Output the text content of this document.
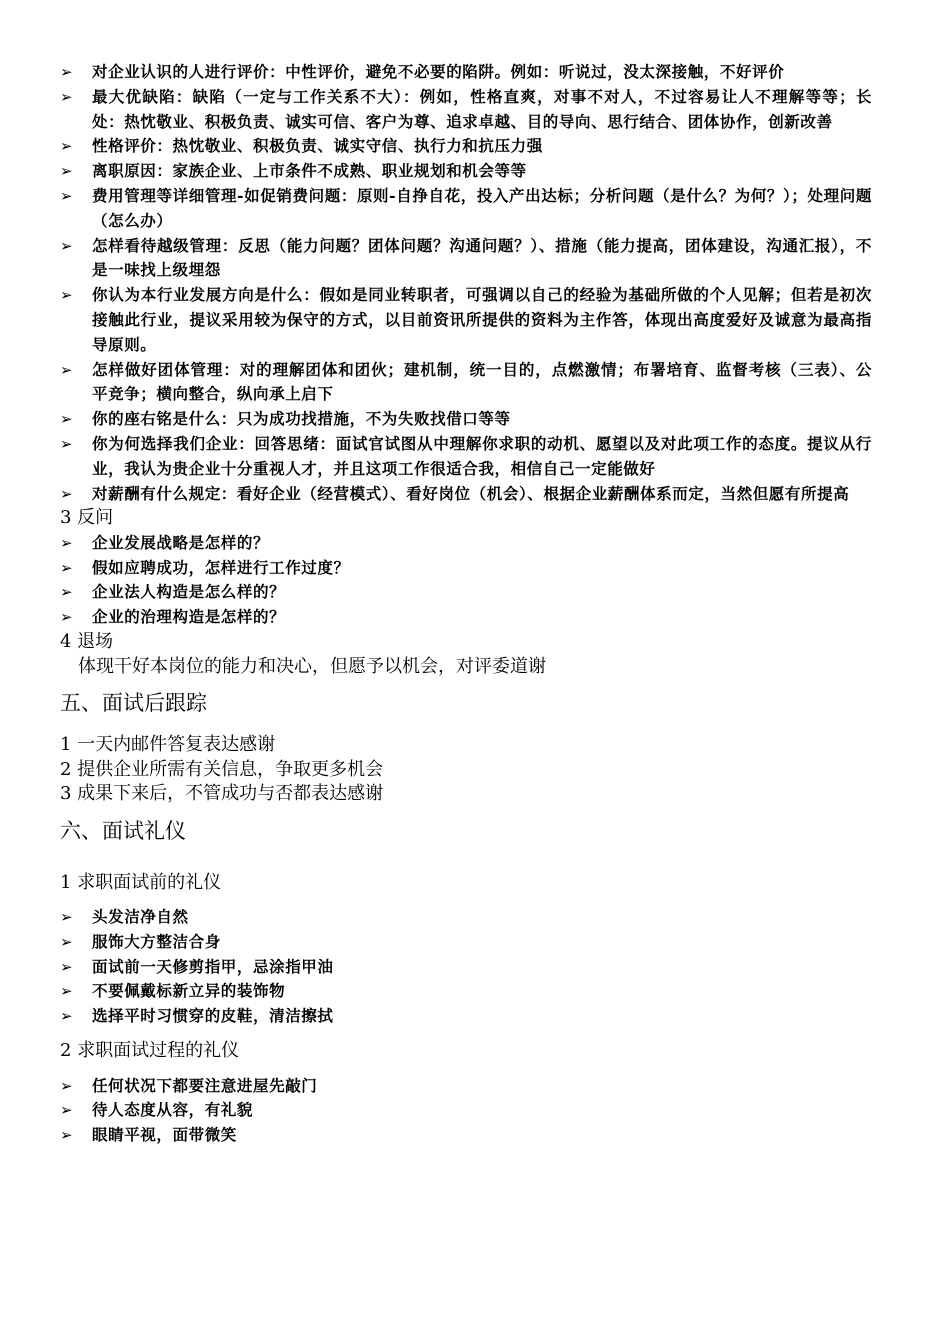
➢ 对企业认识的人进行评价：中性评价，避免不必要的陷阱。例如：听说过，没太深接触，不好评价
➢ 最大优缺陷：缺陷（一定与工作关系不大）：例如，性格直爽，对事不对人，不过容易让人不理解等等；长处：热忱敬业、积极负责、诚实可信、客户为尊、追求卓越、目的导向、思行结合、团体协作，创新改善
➢ 性格评价：热忱敬业、积极负责、诚实守信、执行力和抗压力强
➢ 离职原因：家族企业、上市条件不成熟、职业规划和机会等等
➢ 费用管理等详细管理-如促销费问题：原则-自挣自花，投入产出达标；分析问题（是什么？为何？）；处理问题（怎么办）
➢ 怎样看待越级管理：反思（能力问题？团体问题？沟通问题？）、措施（能力提高，团体建设，沟通汇报），不是一味找上级埋怨
➢ 你认为本行业发展方向是什么：假如是同业转职者，可强调以自己的经验为基础所做的个人见解；但若是初次接触此行业，提议采用较为保守的方式，以目前资讯所提供的资料为主作答，体现出高度爱好及诚意为最高指导原则。
➢ 怎样做好团体管理：对的理解团体和团伙；建机制，统一目的，点燃激情；布署培育、监督考核（三表）、公平竞争；横向整合，纵向承上启下
➢ 你的座右铭是什么：只为成功找措施，不为失败找借口等等
➢ 你为何选择我们企业：回答思绪：面试官试图从中理解你求职的动机、愿望以及对此项工作的态度。提议从行业，我认为贵企业十分重视人才，并且这项工作很适合我，相信自己一定能做好
➢ 对薪酬有什么规定：看好企业（经营模式）、看好岗位（机会）、根据企业薪酬体系而定，当然但愿有所提高
3 反问
➢ 企业发展战略是怎样的？
➢ 假如应聘成功，怎样进行工作过度？
➢ 企业法人构造是怎么样的？
➢ 企业的治理构造是怎样的？
4 退场
体现干好本岗位的能力和决心，但愿予以机会，对评委道谢
五、面试后跟踪
1 一天内邮件答复表达感谢
2 提供企业所需有关信息，争取更多机会
3 成果下来后，不管成功与否都表达感谢
六、面试礼仪
1 求职面试前的礼仪
➢ 头发洁净自然
➢ 服饰大方整洁合身
➢ 面试前一天修剪指甲，忌涂指甲油
➢ 不要佩戴标新立异的装饰物
➢ 选择平时习惯穿的皮鞋，清洁擦拭
2 求职面试过程的礼仪
➢ 任何状况下都要注意进屋先敲门
➢ 待人态度从容，有礼貌
➢ 眼睛平视，面带微笑
